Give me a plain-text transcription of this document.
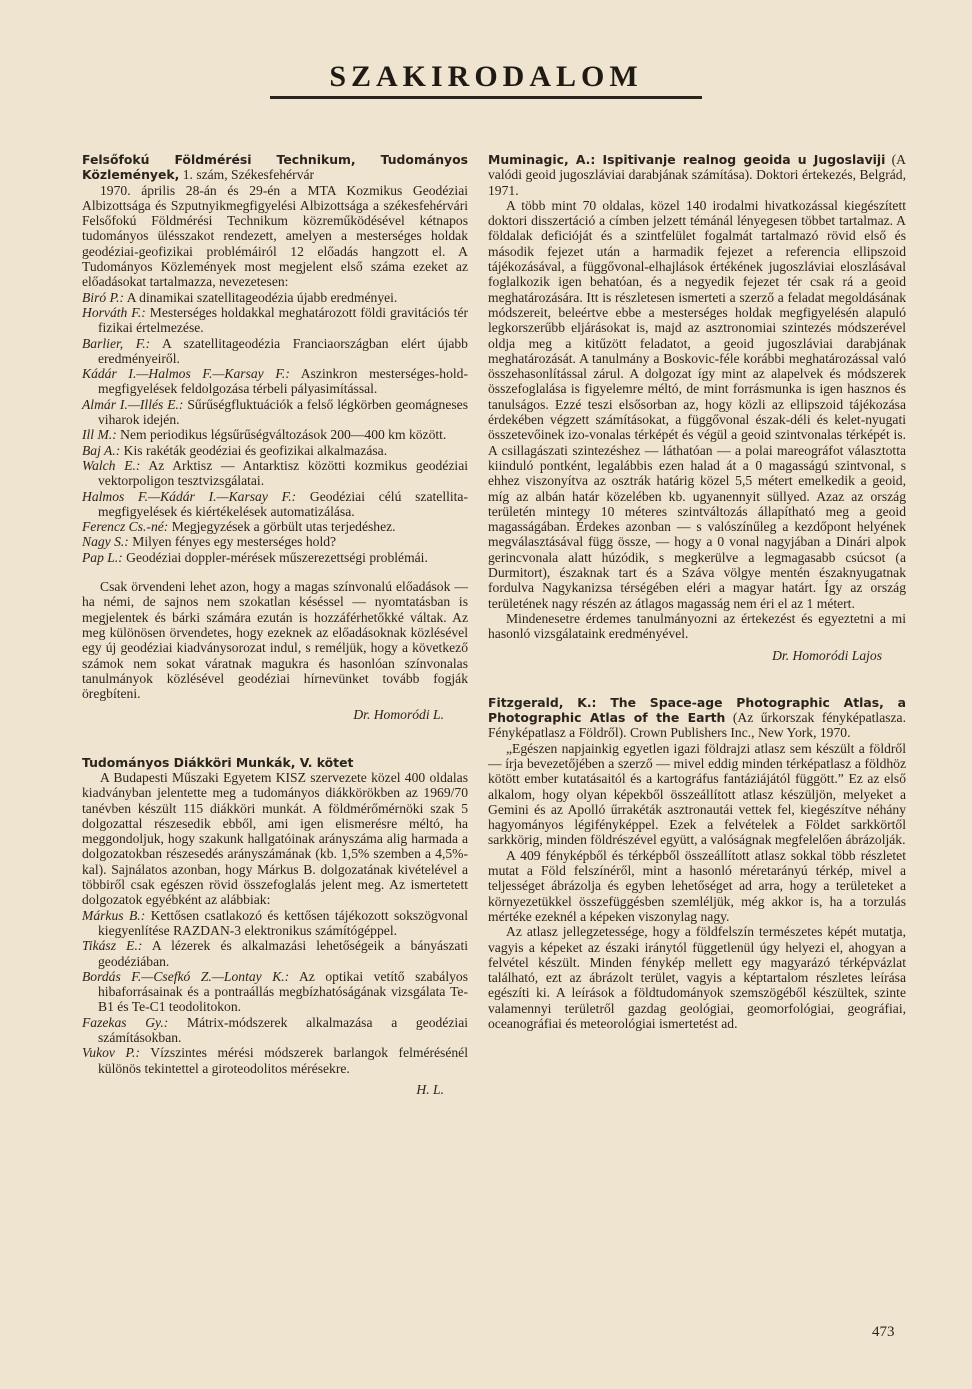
SZAKIRODALOM

Felsőfokú Földmérési Technikum, Tudományos Közlemények, 1. szám, Székesfehérvár

1970. április 28-án és 29-én a MTA Kozmikus Geodéziai Albizottsága és Szputnyikmegfigyelési Albizottsága a székesfehérvári Felsőfokú Földmérési Technikum közreműködésével kétnapos tudományos ülésszakot rendezett, amelyen a mesterséges holdak geodéziai-geofizikai problémáiról 12 előadás hangzott el. A Tudományos Közlemények most megjelent első száma ezeket az előadásokat tartalmazza, nevezetesen:

Biró P.: A dinamikai szatellitageodézia újabb eredményei.

Horváth F.: Mesterséges holdakkal meghatározott földi gravitációs tér fizikai értelmezése.

Barlier, F.: A szatellitageodézia Franciaországban elért újabb eredményeiről.

Kádár I.—Halmos F.—Karsay F.: Aszinkron mesterséges-hold-megfigyelések feldolgozása térbeli pályasimítással.

Almár I.—Illés E.: Sűrűségfluktuációk a felső légkörben geomágneses viharok idején.

Ill M.: Nem periodikus légsűrűségváltozások 200—400 km között.

Baj A.: Kis rakéták geodéziai és geofizikai alkalmazása.

Walch E.: Az Arktisz — Antarktisz közötti kozmikus geodéziai vektorpoligon tesztvizsgálatai.

Halmos F.—Kádár I.—Karsay F.: Geodéziai célú szatellita-megfigyelések és kiértékelések automatizálása.

Ferencz Cs.-né: Megjegyzések a görbült utas terjedéshez.

Nagy S.: Milyen fényes egy mesterséges hold?

Pap L.: Geodéziai doppler-mérések műszerezettségi problémái.

Csak örvendeni lehet azon, hogy a magas színvonalú előadások — ha némi, de sajnos nem szokatlan késéssel — nyomtatásban is megjelentek és bárki számára ezután is hozzáférhetőkké váltak. Az meg különösen örvendetes, hogy ezeknek az előadásoknak közlésével egy új geodéziai kiadványsorozat indul, s reméljük, hogy a következő számok nem sokat váratnak magukra és hasonlóan színvonalas tanulmányok közlésével geodéziai hírnevünket tovább fogják öregbíteni.

Dr. Homoródi L.

Tudományos Diákköri Munkák, V. kötet

A Budapesti Műszaki Egyetem KISZ szervezete közel 400 oldalas kiadványban jelentette meg a tudományos diákkörökben az 1969/70 tanévben készült 115 diákköri munkát. A földmérőmérnöki szak 5 dolgozattal részesedik ebből, ami igen elismerésre méltó, ha meggondoljuk, hogy szakunk hallgatóinak arányszáma alig harmada a dolgozatokban részesedés arányszámának (kb. 1,5% szemben a 4,5%-kal). Sajnálatos azonban, hogy Márkus B. dolgozatának kivételével a többiről csak egészen rövid összefoglalás jelent meg. Az ismertetett dolgozatok egyébként az alábbiak:

Márkus B.: Kettősen csatlakozó és kettősen tájékozott sokszögvonal kiegyenlítése RAZDAN-3 elektronikus számítógéppel.

Tikász E.: A lézerek és alkalmazási lehetőségeik a bányászati geodéziában.

Bordás F.—Csefkó Z.—Lontay K.: Az optikai vetítő szabályos hibaforrásainak és a pontraállás megbízhatóságának vizsgálata Te-B1 és Te-C1 teodolitokon.

Fazekas Gy.: Mátrix-módszerek alkalmazása a geodéziai számításokban.

Vukov P.: Vízszintes mérési módszerek barlangok felmérésénél különös tekintettel a giroteodolitos mérésekre.

H. L.

Muminagic, A.: Ispitivanje realnog geoida u Jugoslaviji (A valódi geoid jugoszláviai darabjának számítása). Doktori értekezés, Belgrád, 1971.

A több mint 70 oldalas, közel 140 irodalmi hivatkozással kiegészített doktori disszertáció a címben jelzett témánál lényegesen többet tartalmaz. A földalak deficióját és a szintfelület fogalmát tartalmazó rövid első és második fejezet után a harmadik fejezet a referencia ellipszoid tájékozásával, a függővonal-elhajlások értékének jugoszláviai eloszlásával foglalkozik igen behatóan, és a negyedik fejezet tér csak rá a geoid meghatározására. Itt is részletesen ismerteti a szerző a feladat megoldásának módszereit, beleértve ebbe a mesterséges holdak megfigyelésén alapuló legkorszerűbb eljárásokat is, majd az asztronomiai szintezés módszerével oldja meg a kitűzött feladatot, a geoid jugoszláviai darabjának meghatározását. A tanulmány a Boskovic-féle korábbi meghatározással való összehasonlítással zárul. A dolgozat így mint az alapelvek és módszerek összefoglalása is figyelemre méltó, de mint forrásmunka is igen hasznos és tanulságos. Ezzé teszi elsősorban az, hogy közli az ellipszoid tájékozása érdekében végzett számításokat, a függővonal észak-déli és kelet-nyugati összetevőinek izo-vonalas térképét és végül a geoid szintvonalas térképét is. A csillagászati szintezéshez — láthatóan — a polai mareográfot választotta kiinduló pontként, legalábbis ezen halad át a 0 magasságú szintvonal, s ehhez viszonyítva az osztrák határig közel 5,5 métert emelkedik a geoid, míg az albán határ közelében kb. ugyanennyit süllyed. Azaz az ország területén mintegy 10 méteres szintváltozás állapítható meg a geoid magasságában. Érdekes azonban — s valószínűleg a kezdőpont helyének megválasztásával függ össze, — hogy a 0 vonal nagyjában a Dinári alpok gerincvonala alatt húzódik, s megkerülve a legmagasabb csúcsot (a Durmitort), északnak tart és a Száva völgye mentén északnyugatnak fordulva Nagykanizsa térségében eléri a magyar határt. Így az ország területének nagy részén az átlagos magasság nem éri el az 1 métert.

Mindenesetre érdemes tanulmányozni az értekezést és egyeztetni a mi hasonló vizsgálataink eredményével.

Dr. Homoródi Lajos

Fitzgerald, K.: The Space-age Photographic Atlas, a Photographic Atlas of the Earth (Az űrkorszak fényképatlasza. Fényképatlasz a Földről). Crown Publishers Inc., New York, 1970.

„Egészen napjainkig egyetlen igazi földrajzi atlasz sem készült a földről — írja bevezetőjében a szerző — mivel eddig minden térképatlasz a földhöz kötött ember kutatásaitól és a kartográfus fantáziájától függött.” Ez az első alkalom, hogy olyan képekből összeállított atlasz készüljön, melyeket a Gemini és az Apolló űrrakéták asztronautái vettek fel, kiegészítve néhány hagyományos légifényképpel. Ezek a felvételek a Földet sarkkörtől sarkkörig, minden földrészével együtt, a valóságnak megfelelően ábrázolják.

A 409 fényképből és térképből összeállított atlasz sokkal több részletet mutat a Föld felszínéről, mint a hasonló méretarányú térkép, mivel a teljességet ábrázolja és egyben lehetőséget ad arra, hogy a területeket a környezetükkel összefüggésben szemléljük, még akkor is, ha a torzulás mértéke ezeknél a képeken viszonylag nagy.

Az atlasz jellegzetessége, hogy a földfelszín természetes képét mutatja, vagyis a képeket az északi iránytól függetlenül úgy helyezi el, ahogyan a felvétel készült. Minden fénykép mellett egy magyarázó térképvázlat található, ezt az ábrázolt terület, vagyis a képtartalom részletes leírása egészíti ki. A leírások a földtudományok szemszögéből készültek, szinte valamennyi területről gazdag geológiai, geomorfológiai, geográfiai, oceanográfiai és meteorológiai ismertetést ad.

473
